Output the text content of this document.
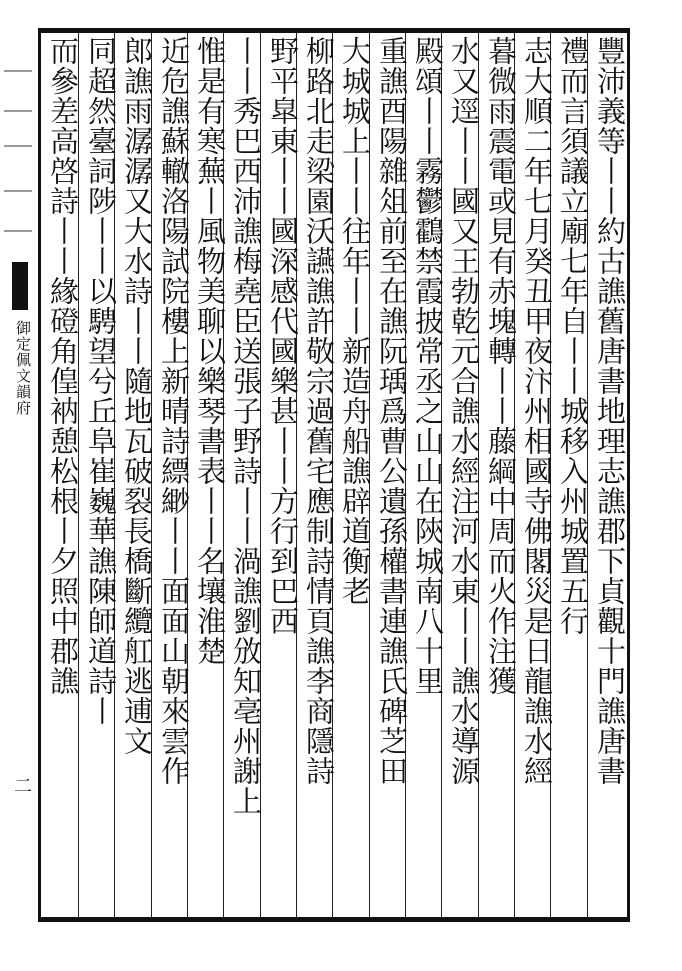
御定佩文韻府
二	豐沛義等丨丨約古譙舊唐書地理志譙郡下貞觀十門譙唐書
禮而言須議立廟七年自丨丨城移入州城置五行
志大順二年七月癸丑甲夜汴州相國寺佛閣災是日龍譙水經
暮微雨震電或見有赤塊轉丨丨藤綱中周而火作注獲
水又逕丨丨國又王勃乾元合譙水經注河水東丨丨譙水導源
殿頌丨丨霧鬱鸖禁霞披常丞之山山在陝城南八十里
重譙酉陽雜俎前至在譙阮瑀爲曹公遺孫權書連譙氏碑芝田
大城城上丨丨往年丨丨新造舟船譙辟道衡老
柳路北走梁園沃讌譙許敬宗過舊宅應制詩情頁譙李商隱詩
野平皐東丨丨國深感代國樂甚丨丨方行到巴西
丨丨秀巴西沛譙梅堯臣送張子野詩丨丨渦譙劉攽知亳州謝上
惟是有寒蕪丨風物美聊以樂琴書表丨丨名壤淮楚
近危譙蘇轍洛陽試院樓上新晴詩縹緲丨丨面面山朝來雲作
郎譙雨潺潺又大水詩丨丨隨地瓦破裂長橋斷纜舡逃逋文
同超然臺詞陟丨丨以騁望兮丘阜崔巍華譙陳師道詩丨
而參差高啓詩丨丨緣磴角偟衲憩松根丨夕照中郡譙
